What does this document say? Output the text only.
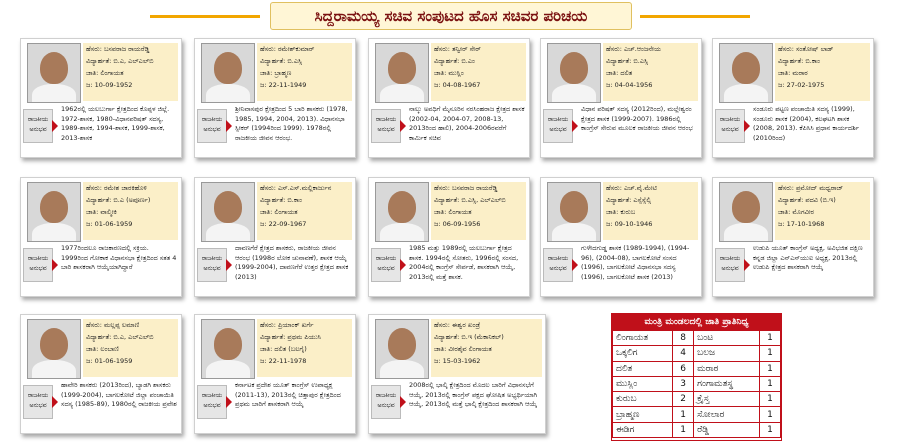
ಸಿದ್ದರಾಮಯ್ಯ ಸಚಿವ ಸಂಪುಟದ ಹೊಸ ಸಚಿವರ ಪರಿಚಯ
ಹೆಸರು: ಬಸವರಾಜ ರಾಯರೆಡ್ಡಿ
ವಿದ್ಯಾರ್ಹತೆ: ಬಿ.ಎ, ಎಲ್‌ಎಲ್‌ಬಿ
ಜಾತಿ: ಲಿಂಗಾಯತ
ಜ: 10-09-1952
ರಾಜಕೀಯ ಅನುಭವ
1962ರಲ್ಲಿ ಯಲಬುರ್ಗಾ ಕ್ಷೇತ್ರದಿಂದ ಕೊಪ್ಪಳ ಜಿಲ್ಲೆ. 1972-ಶಾಸಕ, 1980-ವಿಧಾನಪರಿಷತ್ ಸದಸ್ಯ, 1989-ಶಾಸಕ, 1994-ಶಾಸಕ, 1999-ಶಾಸಕ, 2013-ಶಾಸಕ
ಹೆಸರು: ರಮೇಶ್‌ಕುಮಾರ್
ವಿದ್ಯಾರ್ಹತೆ: ಬಿ.ಎಸ್ಸಿ
ಜಾತಿ: ಬ್ರಾಹ್ಮಣ
ಜ: 22-11-1949
ರಾಜಕೀಯ ಅನುಭವ
ಶ್ರೀನಿವಾಸಪುರ ಕ್ಷೇತ್ರದಿಂದ 5 ಬಾರಿ ಶಾಸಕರು (1978, 1985, 1994, 2004, 2013). ವಿಧಾನಸಭಾ ಸ್ಪೀಕರ್ (1994ರಿಂದ 1999). 1978ರಲ್ಲಿ ರಾಜಕೀಯ ಜೀವನ ಆರಂಭ.
ಹೆಸರು: ತನ್ವೀರ್ ಸೇಠ್
ವಿದ್ಯಾರ್ಹತೆ: ಬಿ.ಎಂ
ಜಾತಿ: ಮುಸ್ಲಿಂ
ಜ: 04-08-1967
ರಾಜಕೀಯ ಅನುಭವ
ನಾಲ್ಕು ಅವಧಿಗೆ ಮೈಸೂರಿನ ನರಸಿಂಹರಾಜ ಕ್ಷೇತ್ರದ ಶಾಸಕ (2002-04, 2004-07, 2008-13, 2013ರಿಂದ ಹಾಲಿ), 2004-2006ರವರೆಗೆ ಕಾರ್ಮಿಕ ಸಚಿವ
ಹೆಸರು: ಎಚ್.ಆಂಜನೇಯ
ವಿದ್ಯಾರ್ಹತೆ: ಬಿ.ಎಸ್ಸಿ
ಜಾತಿ: ದಲಿತ
ಜ: 04-04-1956
ರಾಜಕೀಯ ಅನುಭವ
ವಿಧಾನ ಪರಿಷತ್ ಸದಸ್ಯ (2012ರಿಂದ), ಮಲ್ಲೇಶ್ವರಂ ಕ್ಷೇತ್ರದ ಶಾಸಕ (1999-2007). 1986ರಲ್ಲಿ ಕಾಂಗ್ರೆಸ್ ಸೇರುವ ಮೂಲಕ ರಾಜಕೀಯ ಜೀವನ ಆರಂಭ
ಹೆಸರು: ಸಂತೋಷ್ ಲಾಡ್
ವಿದ್ಯಾರ್ಹತೆ: ಬಿ.ಕಾಂ
ಜಾತಿ: ಮರಾಠ
ಜ: 27-02-1975
ರಾಜಕೀಯ ಅನುಭವ
ಸಂಡೂರು ಪಟ್ಟಣ ಪಂಚಾಯಿತಿ ಸದಸ್ಯ (1999), ಸಂಡೂರು ಶಾಸಕ (2004), ಕಲಘಟಗಿ ಶಾಸಕ (2008, 2013). ಕೆಪಿಸಿಸಿ ಪ್ರಧಾನ ಕಾರ್ಯದರ್ಶಿ (2010ರಿಂದ)
ಹೆಸರು: ರಮೇಶ ಜಾರಕಿಹೊಳಿ
ವಿದ್ಯಾರ್ಹತೆ: ಬಿ.ಎ (ಅಪೂರ್ಣ)
ಜಾತಿ: ವಾಲ್ಮೀಕಿ
ಜ: 01-06-1959
ರಾಜಕೀಯ ಅನುಭವ
1977ರಿಂದಲೂ ರಾಜಕಾರಣದಲ್ಲಿ ಸಕ್ರಿಯ. 1999ರಿಂದ ಗೋಕಾಕ ವಿಧಾನಸಭಾ ಕ್ಷೇತ್ರದಿಂದ ಸತತ 4 ಬಾರಿ ಶಾಸಕರಾಗಿ ಆಯ್ಕೆಯಾಗಿದ್ದಾರೆ
ಹೆಸರು: ಎಸ್.ಎಸ್.ಮಲ್ಲಿಕಾರ್ಜುನ
ವಿದ್ಯಾರ್ಹತೆ: ಬಿ.ಕಾಂ
ಜಾತಿ: ಲಿಂಗಾಯತ
ಜ: 22-09-1967
ರಾಜಕೀಯ ಅನುಭವ
ದಾವಣಗೆರೆ ಕ್ಷೇತ್ರದ ಶಾಸಕರು, ರಾಜಕೀಯ ಜೀವನ ಆರಂಭ (1998ರ ಲೋಕ ಚುನಾವಣೆ), ಶಾಸಕ ಆಯ್ಕೆ (1999-2004), ದಾವಣಗೆರೆ ಉತ್ತರ ಕ್ಷೇತ್ರದ ಶಾಸಕ (2013)
ಹೆಸರು: ಬಸವರಾಜ ರಾಯರೆಡ್ಡಿ
ವಿದ್ಯಾರ್ಹತೆ: ಬಿ.ಎಸ್ಸಿ, ಎಲ್‌ಎಲ್‌ಬಿ
ಜಾತಿ: ಲಿಂಗಾಯತ
ಜ: 06-09-1956
ರಾಜಕೀಯ ಅನುಭವ
1985 ಮತ್ತು 1989ರಲ್ಲಿ ಯಲಬುರ್ಗಾ ಕ್ಷೇತ್ರದ ಶಾಸಕ. 1994ರಲ್ಲಿ ಸೋತರು, 1996ರಲ್ಲಿ ಸಂಸದ, 2004ರಲ್ಲಿ ಕಾಂಗ್ರೆಸ್ ಸೇರ್ಪಡೆ, ಶಾಸಕರಾಗಿ ಆಯ್ಕೆ, 2013ರಲ್ಲಿ ಮತ್ತೆ ಶಾಸಕ.
ಹೆಸರು: ಎಚ್.ವೈ.ಮೇಟಿ
ವಿದ್ಯಾರ್ಹತೆ: ಎಸ್ಸೆಸ್ಸೆಲ್ಸಿ
ಜಾತಿ: ಕುರುಬ
ಜ: 09-10-1946
ರಾಜಕೀಯ ಅನುಭವ
ಗುಳೇದಗುಡ್ಡ ಶಾಸಕ (1989-1994), (1994-96), (2004-08), ಬಾಗಲಕೋಟೆ ಸಂಸದ (1996), ಬಾಗಲಕೋಟೆ ವಿಧಾನಸಭಾ ಸದಸ್ಯ (1996), ಬಾಗಲಕೋಟೆ ಶಾಸಕ (2013)
ಹೆಸರು: ಪ್ರಮೋದ್ ಮಧ್ವರಾಜ್
ವಿದ್ಯಾರ್ಹತೆ: ಪದವಿ (ಬಿ.ಇ)
ಜಾತಿ: ಮೊಗವೀರ
ಜ: 17-10-1968
ರಾಜಕೀಯ ಅನುಭವ
ಉಡುಪಿ ಯೂತ್ ಕಾಂಗ್ರೆಸ್ ಅಧ್ಯಕ್ಷ, ಅವಿಭಜಿತ ದಕ್ಷಿಣ ಕನ್ನಡ ಜಿಲ್ಲಾ ಎನ್‌ಎಸ್‌ಯುಐ ಅಧ್ಯಕ್ಷ, 2013ರಲ್ಲಿ ಉಡುಪಿ ಕ್ಷೇತ್ರದ ಶಾಸಕರಾಗಿ ಆಯ್ಕೆ
ಹೆಸರು: ಮಲ್ಲಪ್ಪ ಲಮಾಣಿ
ವಿದ್ಯಾರ್ಹತೆ: ಬಿ.ಎ, ಎಲ್‌ಎಲ್‌ಬಿ
ಜಾತಿ: ಲಂಬಾಣಿ
ಜ: 01-06-1959
ರಾಜಕೀಯ ಅನುಭವ
ಹಾವೇರಿ ಶಾಸಕರು (2013ರಿಂದ), ಬ್ಯಾಡಗಿ ಶಾಸಕರು (1999-2004), ಬಾಗಲಕೋಟೆ ಜಿಲ್ಲಾ ಪಂಚಾಯಿತಿ ಸದಸ್ಯ (1985-89), 1980ರಲ್ಲಿ ರಾಜಕೀಯ ಪ್ರವೇಶ
ಹೆಸರು: ಪ್ರಿಯಾಂಕ್ ಖರ್ಗೆ
ವಿದ್ಯಾರ್ಹತೆ: ಪ್ರಥಮ ಪಿಯುಸಿ
ಜಾತಿ: ದಲಿತ (ಬಲಗೈ)
ಜ: 22-11-1978
ರಾಜಕೀಯ ಅನುಭವ
ಕರ್ನಾಟಕ ಪ್ರದೇಶ ಯೂತ್ ಕಾಂಗ್ರೆಸ್ ಉಪಾಧ್ಯಕ್ಷ (2011-13), 2013ರಲ್ಲಿ ಚಿತ್ತಾಪುರ ಕ್ಷೇತ್ರದಿಂದ ಪ್ರಥಮ ಬಾರಿಗೆ ಶಾಸಕರಾಗಿ ಆಯ್ಕೆ
ಹೆಸರು: ಈಶ್ವರ ಖಂಡ್ರೆ
ವಿದ್ಯಾರ್ಹತೆ: ಬಿ.ಇ (ಮೆಕಾನಿಕಲ್)
ಜಾತಿ: ವೀರಶೈವ ಲಿಂಗಾಯತ
ಜ: 15-03-1962
ರಾಜಕೀಯ ಅನುಭವ
2008ರಲ್ಲಿ ಭಾಲ್ಕಿ ಕ್ಷೇತ್ರದಿಂದ ಮೊದಲ ಬಾರಿಗೆ ವಿಧಾನಸಭೆಗೆ ಆಯ್ಕೆ, 2013ರಲ್ಲಿ ಕಾಂಗ್ರೆಸ್ ಪಕ್ಷದ ಘೋಷಿತ ಅಭ್ಯರ್ಥಿಯಾಗಿ ಆಯ್ಕೆ, 2013ರಲ್ಲಿ ಮತ್ತೆ ಭಾಲ್ಕಿ ಕ್ಷೇತ್ರದಿಂದ ಶಾಸಕರಾಗಿ ಆಯ್ಕೆ
ಮಂತ್ರಿ ಮಂಡಲದಲ್ಲಿ ಜಾತಿ ಪ್ರಾತಿನಿಧ್ಯ
ಲಿಂಗಾಯತ	8	ಬಂಟ	1
ಒಕ್ಕಲಿಗ	4	ಬಲಜ	1
ದಲಿತ	6	ಮರಾಠ	1
ಮುಸ್ಲಿಂ	3	ಗಂಗಾಮತಸ್ಥ	1
ಕುರುಬ	2	ಕ್ರೈಸ್ತ	1
ಬ್ರಾಹ್ಮಣ	1	ಸೋಲಾರ	1
ಈಡಿಗ	1	ರೆಡ್ಡಿ	1
